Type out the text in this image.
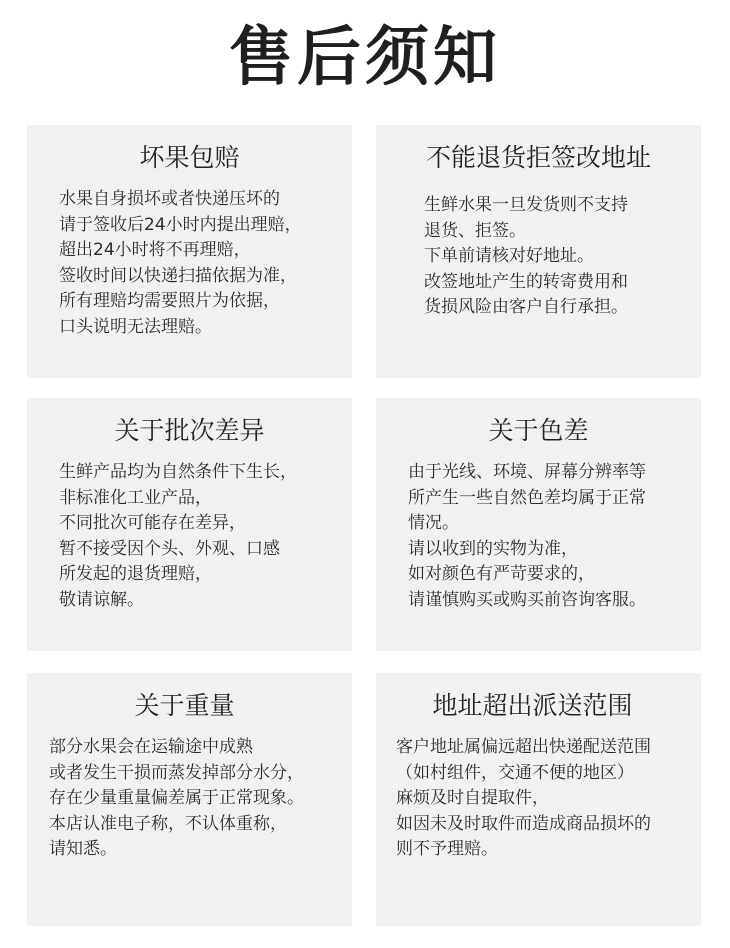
售后须知
坏果包赔
水果自身损坏或者快递压坏的
请于签收后24小时内提出理赔，
超出24小时将不再理赔，
签收时间以快递扫描依据为准，
所有理赔均需要照片为依据，
口头说明无法理赔。
不能退货拒签改地址
生鲜水果一旦发货则不支持
退货、拒签。
下单前请核对好地址。
改签地址产生的转寄费用和
货损风险由客户自行承担。
关于批次差异
生鲜产品均为自然条件下生长，
非标准化工业产品，
不同批次可能存在差异，
暂不接受因个头、外观、口感
所发起的退货理赔，
敬请谅解。
关于色差
由于光线、环境、屏幕分辨率等
所产生一些自然色差均属于正常
情况。
请以收到的实物为准，
如对颜色有严苛要求的，
请谨慎购买或购买前咨询客服。
关于重量
部分水果会在运输途中成熟
或者发生干损而蒸发掉部分水分，
存在少量重量偏差属于正常现象。
本店认准电子称，不认体重称，
请知悉。
地址超出派送范围
客户地址属偏远超出快递配送范围
（如村组件，交通不便的地区）
麻烦及时自提取件，
如因未及时取件而造成商品损坏的
则不予理赔。
